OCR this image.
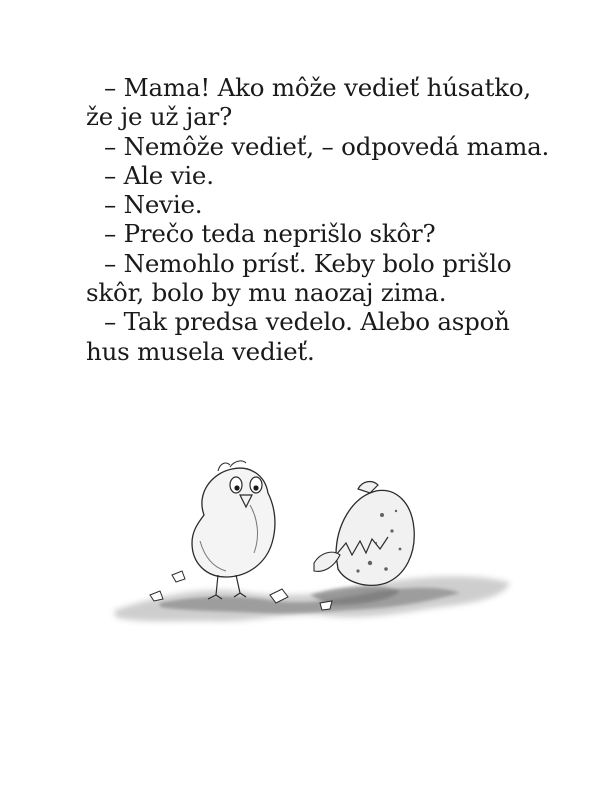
– Mama! Ako môže vedieť húsatko, že je už jar?

– Nemôže vedieť, – odpovedá mama.

– Ale vie.

– Nevie.

– Prečo teda neprišlo skôr?

– Nemohlo prísť. Keby bolo prišlo skôr, bolo by mu naozaj zima.

– Tak predsa vedelo. Alebo aspoň hus musela vedieť.
